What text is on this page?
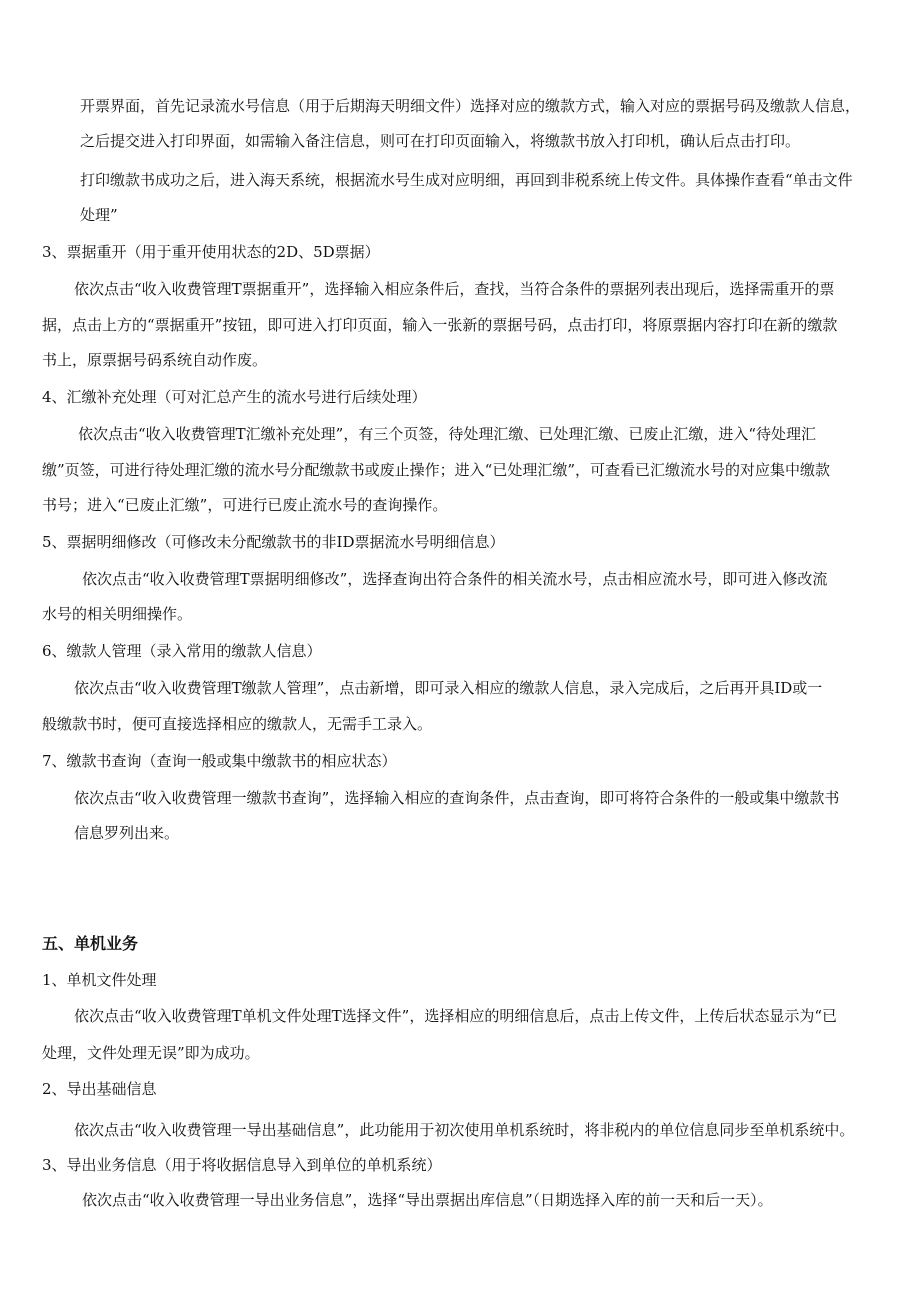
开票界面，首先记录流水号信息（用于后期海天明细文件）选择对应的缴款方式，输入对应的票据号码及缴款人信息，
之后提交进入打印界面，如需输入备注信息，则可在打印页面输入，将缴款书放入打印机，确认后点击打印。
打印缴款书成功之后，进入海天系统，根据流水号生成对应明细，再回到非税系统上传文件。具体操作查看“单击文件
处理”
3、票据重开（用于重开使用状态的2D、5D票据）
依次点击“收入收费管理T票据重开”，选择输入相应条件后，查找，当符合条件的票据列表出现后，选择需重开的票
据，点击上方的“票据重开”按钮，即可进入打印页面，输入一张新的票据号码，点击打印，将原票据内容打印在新的缴款
书上，原票据号码系统自动作废。
4、汇缴补充处理（可对汇总产生的流水号进行后续处理）
依次点击“收入收费管理T汇缴补充处理”，有三个页签，待处理汇缴、已处理汇缴、已废止汇缴，进入“待处理汇
缴”页签，可进行待处理汇缴的流水号分配缴款书或废止操作；进入“已处理汇缴”，可查看已汇缴流水号的对应集中缴款
书号；进入“已废止汇缴”，可进行已废止流水号的查询操作。
5、票据明细修改（可修改未分配缴款书的非ID票据流水号明细信息）
依次点击“收入收费管理T票据明细修改”，选择查询出符合条件的相关流水号，点击相应流水号，即可进入修改流
水号的相关明细操作。
6、缴款人管理（录入常用的缴款人信息）
依次点击“收入收费管理T缴款人管理”，点击新增，即可录入相应的缴款人信息，录入完成后，之后再开具ID或一
般缴款书时，便可直接选择相应的缴款人，无需手工录入。
7、缴款书查询（查询一般或集中缴款书的相应状态）
依次点击“收入收费管理一缴款书查询”，选择输入相应的查询条件，点击查询，即可将符合条件的一般或集中缴款书
信息罗列出来。
五、单机业务
1、单机文件处理
依次点击“收入收费管理T单机文件处理T选择文件”，选择相应的明细信息后，点击上传文件，上传后状态显示为“已
处理，文件处理无误”即为成功。
2、导出基础信息
依次点击“收入收费管理一导出基础信息”，此功能用于初次使用单机系统时，将非税内的单位信息同步至单机系统中。
3、导出业务信息（用于将收据信息导入到单位的单机系统）
依次点击“收入收费管理一导出业务信息”，选择“导出票据出库信息”（日期选择入库的前一天和后一天）。
